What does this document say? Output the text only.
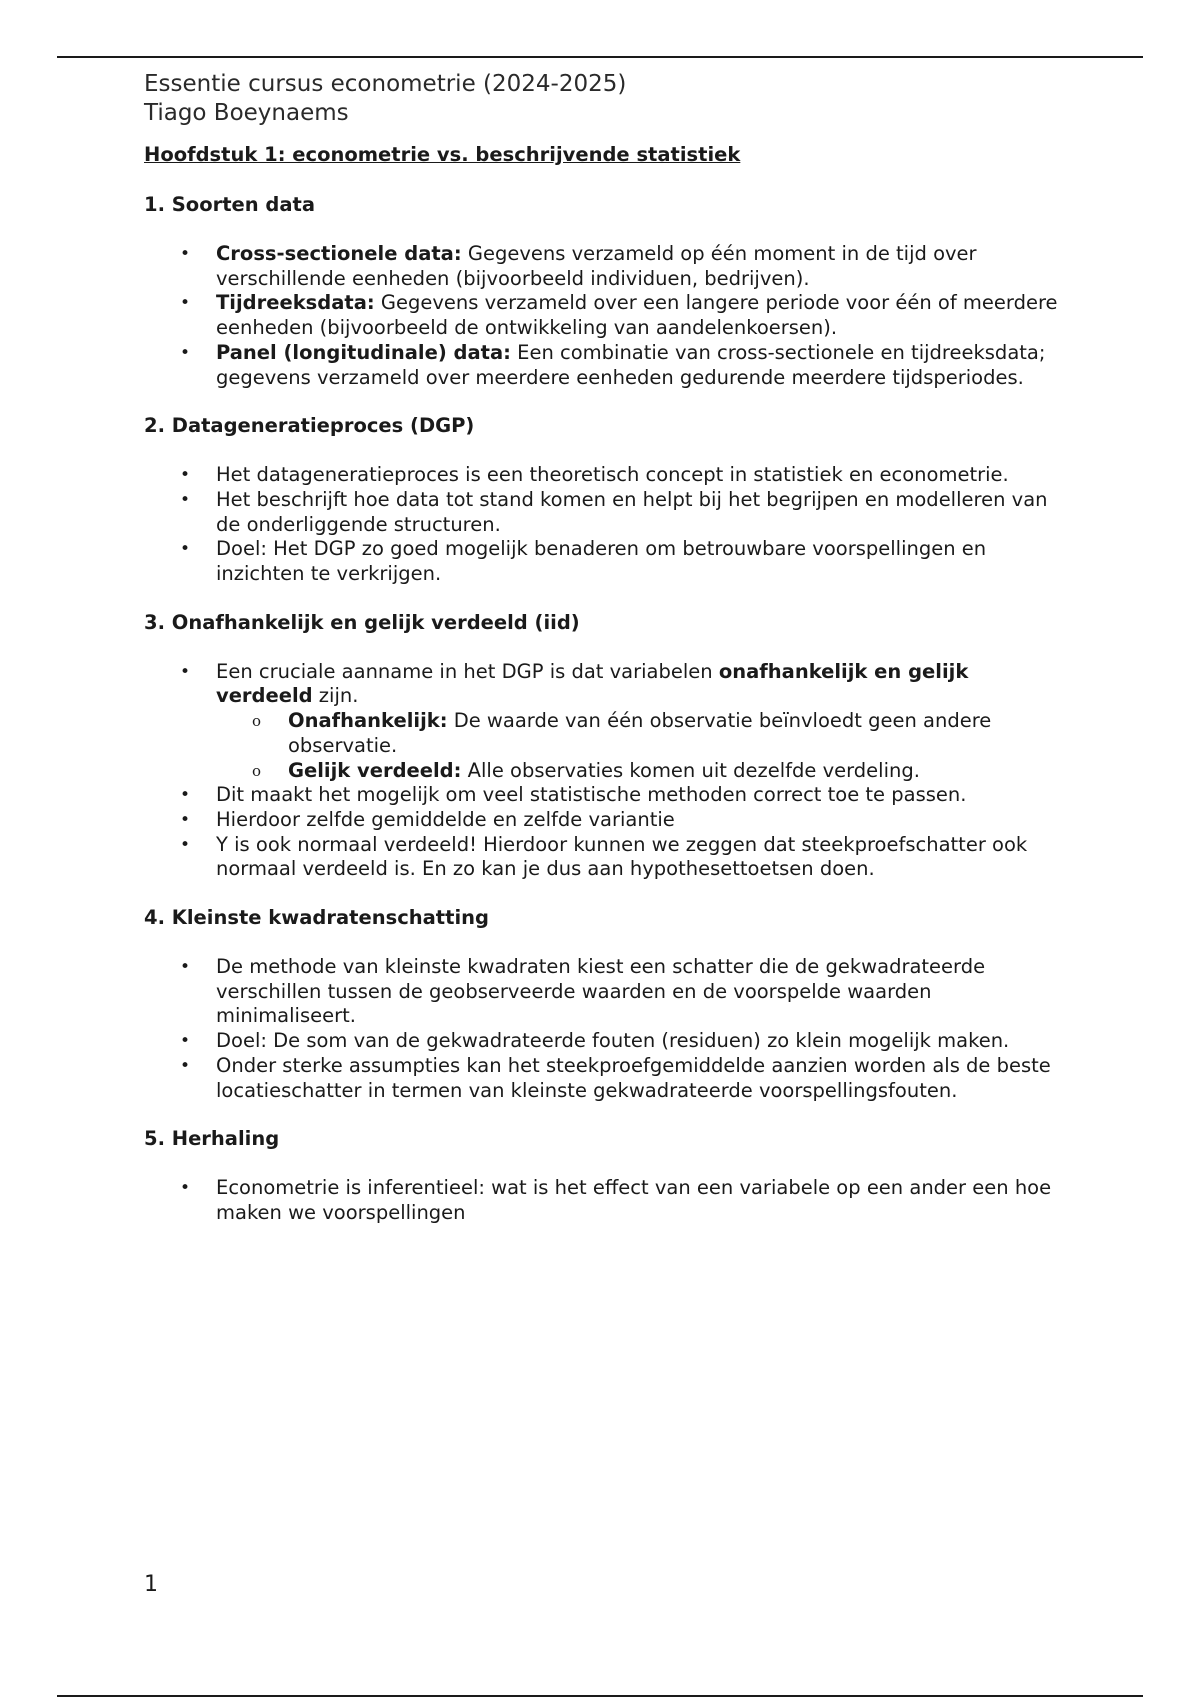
Essentie cursus econometrie (2024-2025)
Tiago Boeynaems
Hoofdstuk 1: econometrie vs. beschrijvende statistiek
1. Soorten data
• Cross-sectionele data: Gegevens verzameld op één moment in de tijd over verschillende eenheden (bijvoorbeeld individuen, bedrijven).
• Tijdreeksdata: Gegevens verzameld over een langere periode voor één of meerdere eenheden (bijvoorbeeld de ontwikkeling van aandelenkoersen).
• Panel (longitudinale) data: Een combinatie van cross-sectionele en tijdreeksdata; gegevens verzameld over meerdere eenheden gedurende meerdere tijdsperiodes.
2. Datageneratieproces (DGP)
• Het datageneratieproces is een theoretisch concept in statistiek en econometrie.
• Het beschrijft hoe data tot stand komen en helpt bij het begrijpen en modelleren van de onderliggende structuren.
• Doel: Het DGP zo goed mogelijk benaderen om betrouwbare voorspellingen en inzichten te verkrijgen.
3. Onafhankelijk en gelijk verdeeld (iid)
• Een cruciale aanname in het DGP is dat variabelen onafhankelijk en gelijk verdeeld zijn.
o Onafhankelijk: De waarde van één observatie beïnvloedt geen andere observatie.
o Gelijk verdeeld: Alle observaties komen uit dezelfde verdeling.
• Dit maakt het mogelijk om veel statistische methoden correct toe te passen.
• Hierdoor zelfde gemiddelde en zelfde variantie
• Y is ook normaal verdeeld! Hierdoor kunnen we zeggen dat steekproefschatter ook normaal verdeeld is. En zo kan je dus aan hypothesettoetsen doen.
4. Kleinste kwadratenschatting
• De methode van kleinste kwadraten kiest een schatter die de gekwadrateerde verschillen tussen de geobserveerde waarden en de voorspelde waarden minimaliseert.
• Doel: De som van de gekwadrateerde fouten (residuen) zo klein mogelijk maken.
• Onder sterke assumpties kan het steekproefgemiddelde aanzien worden als de beste locatieschatter in termen van kleinste gekwadrateerde voorspellingsfouten.
5. Herhaling
• Econometrie is inferentieel: wat is het effect van een variabele op een ander een hoe maken we voorspellingen
1
